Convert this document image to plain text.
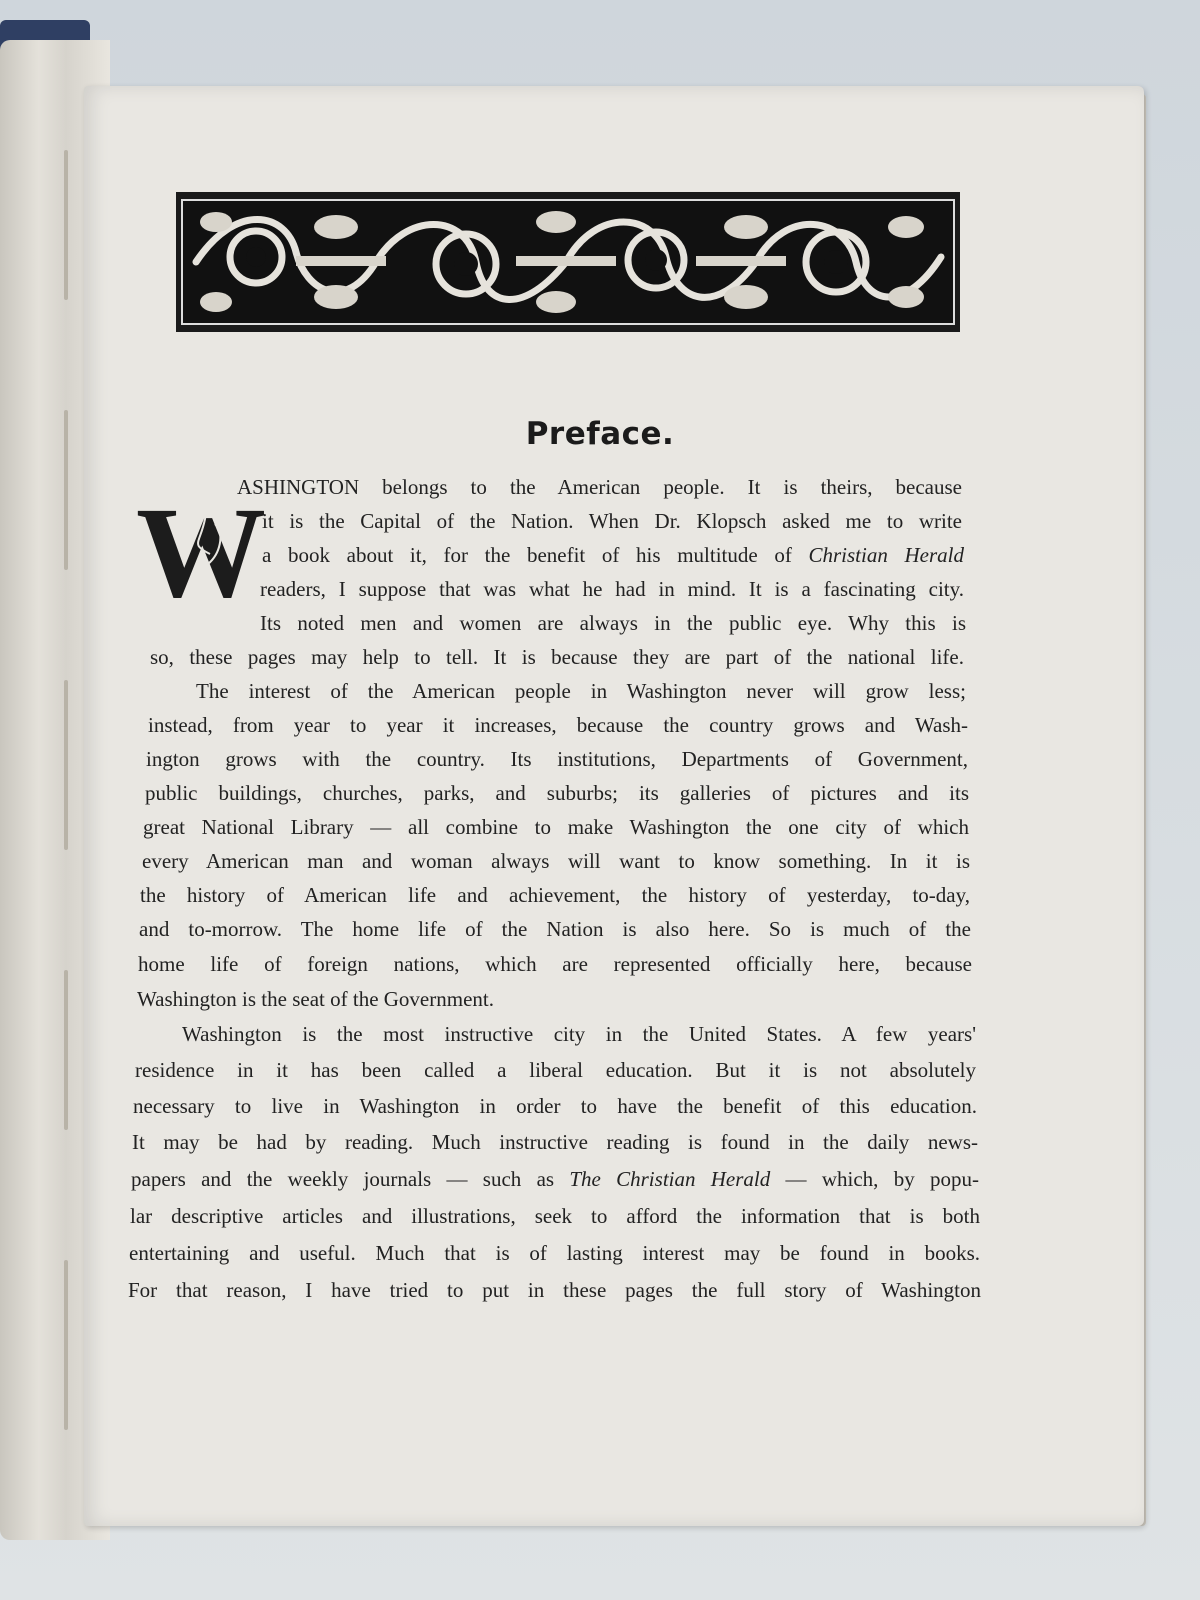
Preface.
W
ASHINGTON belongs to the American people. It is theirs, because
it is the Capital of the Nation. When Dr. Klopsch asked me to write
a book about it, for the benefit of his multitude of Christian Herald
readers, I suppose that was what he had in mind. It is a fascinating city.
Its noted men and women are always in the public eye. Why this is
so, these pages may help to tell. It is because they are part of the national life.
The interest of the American people in Washington never will grow less;
instead, from year to year it increases, because the country grows and Wash-
ington grows with the country. Its institutions, Departments of Government,
public buildings, churches, parks, and suburbs; its galleries of pictures and its
great National Library — all combine to make Washington the one city of which
every American man and woman always will want to know something. In it is
the history of American life and achievement, the history of yesterday, to-day,
and to-morrow. The home life of the Nation is also here. So is much of the
home life of foreign nations, which are represented officially here, because
Washington is the seat of the Government.
Washington is the most instructive city in the United States. A few years'
residence in it has been called a liberal education. But it is not absolutely
necessary to live in Washington in order to have the benefit of this education.
It may be had by reading. Much instructive reading is found in the daily news-
papers and the weekly journals — such as The Christian Herald — which, by popu-
lar descriptive articles and illustrations, seek to afford the information that is both
entertaining and useful. Much that is of lasting interest may be found in books.
For that reason, I have tried to put in these pages the full story of Washington
